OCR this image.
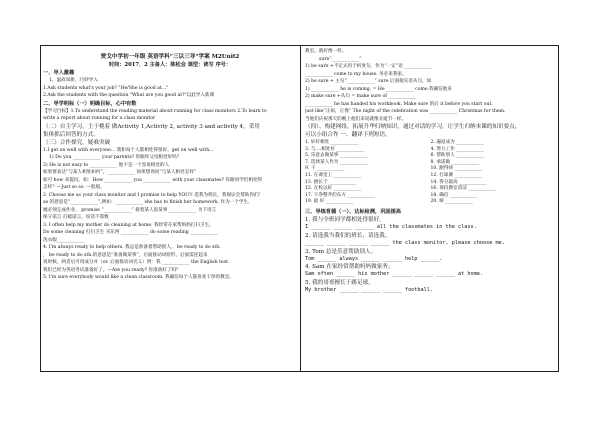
贾戈中学初一年级 英语学科“三以三导”学案 M2Unit2
时间：2017．2 主备人：陈松会 课型：读写 序号：
一、导入激趣
1、温故知新，巧妙导入
1.Ask students what's your job? "He/She is good at..."
2.Ask the students with the question "What are you good at?"以此导入新课
二、导学明标（一）明确目标，心中有数
【学习目标】1.To understand the reading material about running for class monitors 2.To learn to
write a report about running for a class monitor
（二）自主学习，主于桃着 做Activity 1,Activity 2, activity 3 and activity 4，采用
集体抓后回答的方式。
（三）合作探究，疑难突破
1.I get on well with everyone... 我和每个人都相处得很好。get on well with...
1) Do you ____________ your parents? 你跟你父母相处好吗？
2) He is not easy to ____________ 他不是一个容易相处的人
如果要表达“与某人相处如何”，____________ 如果想询问“与某人相处怎样”
如可 how 来提问，如：How ____________ you ____________ with your classmates? 你跟同学们相处得
怎样？—Just so so. —般般。
2. Choose me as your class monitor and I promise to help YOU!! 选我为班长，我保证会帮助你们！
as 的意思是“____________”,例如：____________ she has to finish her homework. 作为一个学生，
她必须完成作业。 promise “____________” 接着某人很某事 ____________ 为下语言
保守诺言 打破诺言，说话不算数
3. I often help my mother do cleaning at home. 我经常在家帮妈妈打扫卫生。
Do some cleaning 打扫卫生 买东西 ____________ do some reading ____________
洗衣服____________
4. I'm always ready to help others. 我总是准备着帮助别人。 be ready to do sth.
， be ready to do sth.的意思是“准备做某事”，后面接动词原形，后面需连起来
说时候，两者后可用成分并（or. 后面接动词名义）例：我 ____________ the English test.
我们已经为英语考试准备好了。—Are you ready? 你准备好了吗？
5. I'm sure everybody would like a clean classroom, 我确信每个人都喜欢干净的教室。
教室。就好像一样。
sure“____________”
1) be sure +不定式用于析度句，作为“一定”语 ____________
____________ come to my house. 务必来我家。
2) be sure + 主句“____________” sure 后面接宾语从句，如
1) ____________ he is coming. = He ____________ come.我确信他来
2) make sure +从句 = make sure of ____________
____________ he has handed his workbook. Make sure 的后 it before you start out.
just like“正如，正像” The night of the celebration was ____________ Christmas for them.
当他们庆祝那天的晚上他们来说就像圣诞节一样。
（四）、构建网络，拓展升华归纳知识，通过对话的学习，让学生归纳本课的知识要点，
可以小组合作 一、翻译下列短语。
1. 好好相处 ____________	2. 遍道成为 ____________
3. 与....相处好 ____________	4. 努力工作 ____________
5. 乐意去做某事 ____________	6. 帮助别人 ____________
7. 选择某人作为 ____________	8. 承诺做 ____________
9. 干 ____________	10. 跑得快 ____________
11. 在课堂上 ____________	12. 打球赛 ____________
13. 擅长于 ____________	14. 得分最高 ____________
15. 在校以好 ____________	16. 保持教室清洁 ____________
17. 干净整齐的东方 ____________	18. 确信 ____________
19. 最 好 ____________	20. 统 ____________
三、导练育德（一）、达标检测，巩固提高
1. 我与全班同学都相处得很好。
I ______ ______ ______ all the classmates in the class.
2. 请选我当我们的班长，请选我。
______ ______ ______ ______ the class monitor, please choose me.
3. Tom 总是乐意帮助别人。
Tom ______ always ______ ______ help ______.
4. Sam 在家经常帮助妈妈做家务。
Sam often ______ his mother ______ ______ ______ at home.
5. 我的哥哥擅长于踢足球。
My brother ______ ______ ______ football.
